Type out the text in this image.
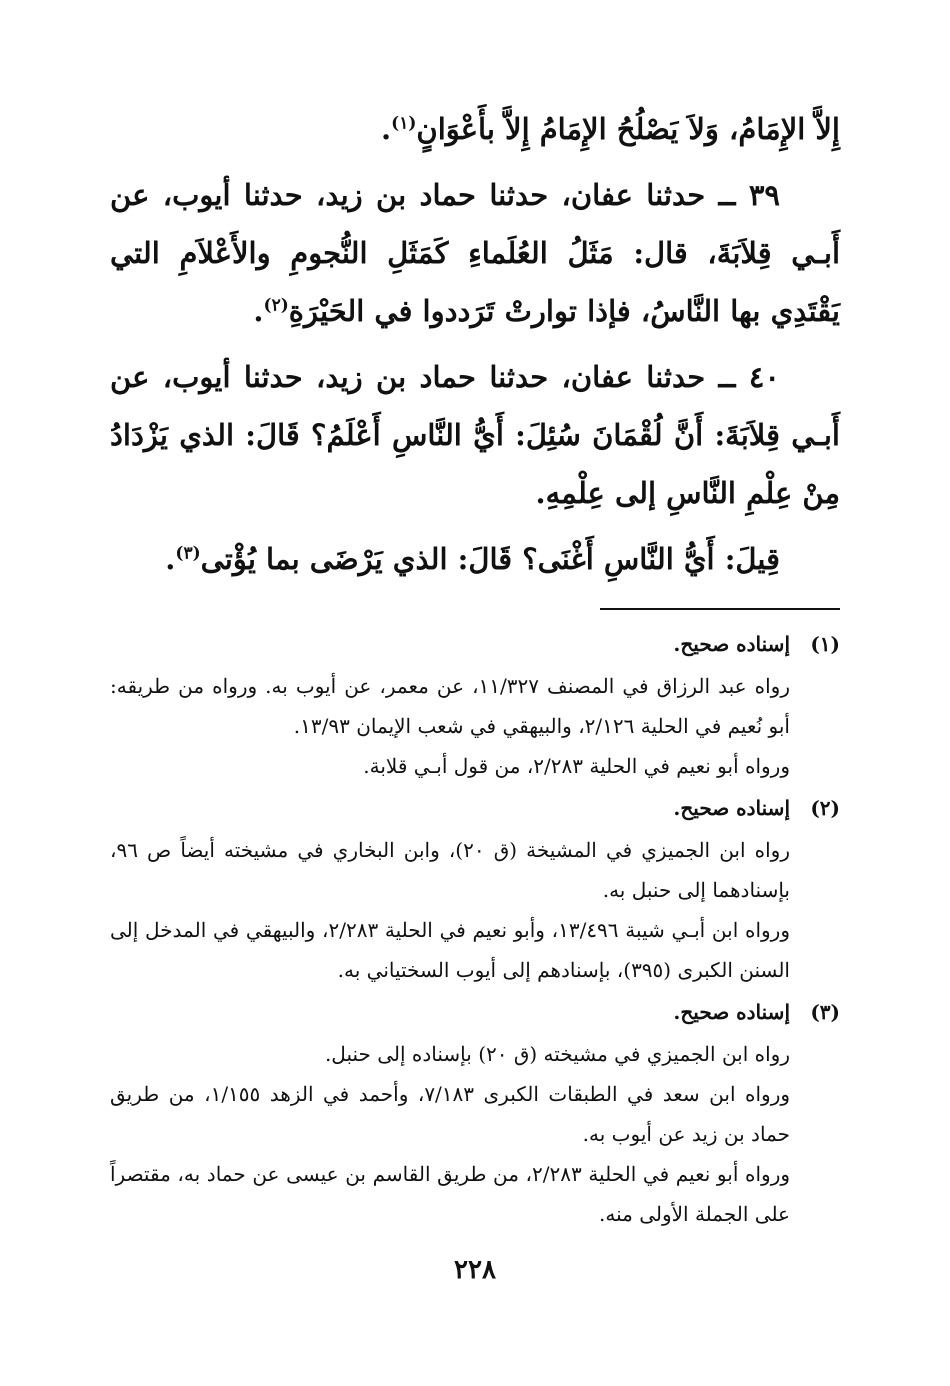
إِلاَّ الإِمَامُ، وَلاَ يَصْلُحُ الإِمَامُ إِلاَّ بأَعْوَانٍ$^{(١)}$.

٣٩ ــ حدثنا عفان، حدثنا حماد بن زيد، حدثنا أيوب، عن أَبـي قِلاَبَةَ، قال: مَثَلُ العُلَماءِ كَمَثَلِ النُّجومِ والأَعْلاَمِ التي يَقْتَدِي بها النَّاسُ، فإذا توارتْ تَرَددوا في الحَيْرَةِ$^{(٢)}$.

٤٠ ــ حدثنا عفان، حدثنا حماد بن زيد، حدثنا أيوب، عن أَبـي قِلاَبَةَ: أَنَّ لُقْمَانَ سُئِلَ: أَيُّ النَّاسِ أَعْلَمُ؟ قَالَ: الذي يَزْدَادُ مِنْ عِلْمِ النَّاسِ إلى عِلْمِهِ.

قِيلَ: أَيُّ النَّاسِ أَغْنَى؟ قَالَ: الذي يَرْضَى بما يُؤْتى$^{(٣)}$.

(١)
إسناده صحيح.
رواه عبد الرزاق في المصنف ١١/٣٢٧، عن معمر، عن أيوب به. ورواه من طريقه: أبو نُعيم في الحلية ٢/١٢٦، والبيهقي في شعب الإيمان ١٣/٩٣.
ورواه أبو نعيم في الحلية ٢/٢٨٣، من قول أبـي قلابة.
(٢)
إسناده صحيح.
رواه ابن الجميزي في المشيخة (ق ٢٠)، وابن البخاري في مشيخته أيضاً ص ٩٦، بإسنادهما إلى حنبل به.
ورواه ابن أبـي شيبة ١٣/٤٩٦، وأبو نعيم في الحلية ٢/٢٨٣، والبيهقي في المدخل إلى السنن الكبرى (٣٩٥)، بإسنادهم إلى أيوب السختياني به.
(٣)
إسناده صحيح.
رواه ابن الجميزي في مشيخته (ق ٢٠) بإسناده إلى حنبل.
ورواه ابن سعد في الطبقات الكبرى ٧/١٨٣، وأحمد في الزهد ١/١٥٥، من طريق حماد بن زيد عن أيوب به.
ورواه أبو نعيم في الحلية ٢/٢٨٣، من طريق القاسم بن عيسى عن حماد به، مقتصراً على الجملة الأولى منه.
٢٢٨
